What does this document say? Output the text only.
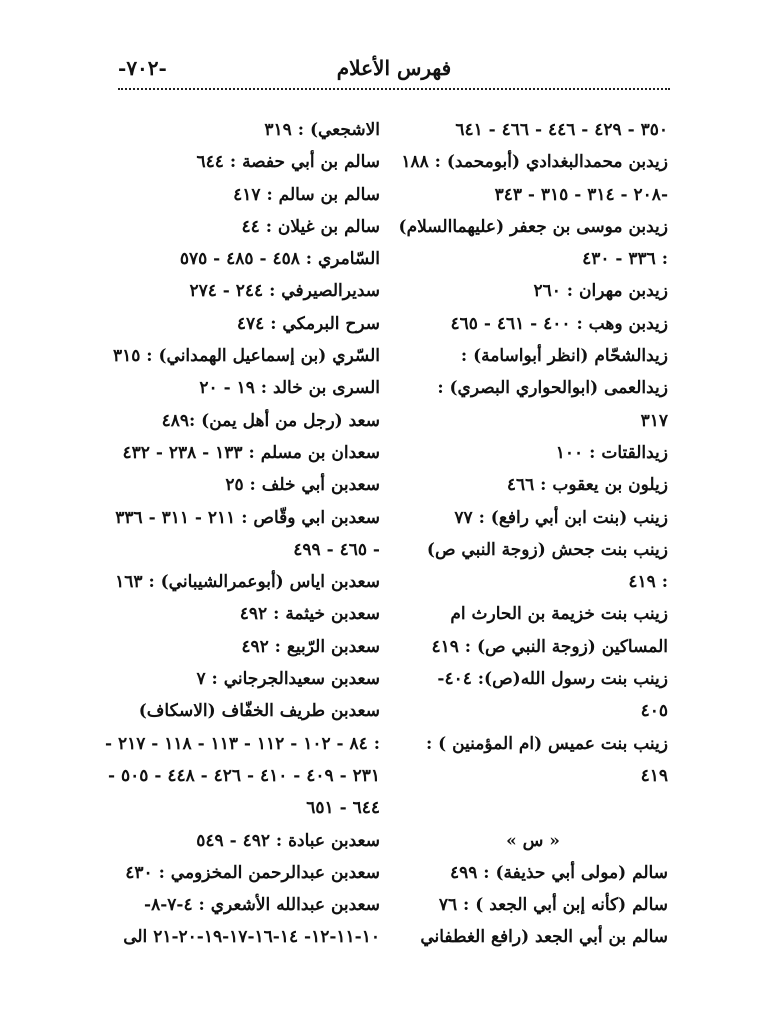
-٧٠٢-	فهرس الأعلام
٣٥٠ - ٤٢٩ - ٤٤٦ - ٤٦٦ - ٦٤١
زيدبن محمدالبغدادي (أبومحمد) : ١٨٨
-٢٠٨ - ٣١٤ - ٣١٥ - ٣٤٣
زيدبن موسى بن جعفر (عليهماالسلام)
: ٣٣٦ - ٤٣٠
زيدبن مهران : ٢٦٠
زيدبن وهب : ٤٠٠ - ٤٦١ - ٤٦٥
زيدالشحّام (انظر أبواسامة) :
زيدالعمى (ابوالحواري البصري) :
٣١٧
زيدالقتات : ١٠٠
زيلون بن يعقوب : ٤٦٦
زينب (بنت ابن أبي رافع) : ٧٧
زينب بنت جحش (زوجة النبي ص)
: ٤١٩
زينب بنت خزيمة بن الحارث ام
المساكين (زوجة النبي ص) : ٤١٩
زينب بنت رسول الله(ص): ٤٠٤-
٤٠٥
زينب بنت عميس (ام المؤمنين ) :
٤١٩
« س »
سالم (مولى أبي حذيفة) : ٤٩٩
سالم (كأنه إبن أبي الجعد ) : ٧٦
سالم بن أبي الجعد (رافع الغطفاني
الاشجعي) : ٣١٩
سالم بن أبي حفصة : ٦٤٤
سالم بن سالم : ٤١٧
سالم بن غيلان : ٤٤
السّامري : ٤٥٨ - ٤٨٥ - ٥٧٥
سديرالصيرفي : ٢٤٤ - ٢٧٤
سرح البرمكي : ٤٧٤
السّري (بن إسماعيل الهمداني) : ٣١٥
السرى بن خالد : ١٩ - ٢٠
سعد (رجل من أهل يمن) :٤٨٩
سعدان بن مسلم : ١٣٣ - ٢٣٨ - ٤٣٢
سعدبن أبي خلف : ٢٥
سعدبن ابي وقّاص : ٢١١ - ٣١١ - ٣٣٦
- ٤٦٥ - ٤٩٩
سعدبن اياس (أبوعمرالشيباني) : ١٦٣
سعدبن خيثمة : ٤٩٢
سعدبن الرّبيع : ٤٩٢
سعدبن سعيدالجرجاني : ٧
سعدبن طريف الخفّاف (الاسكاف)
: ٨٤ - ١٠٢ - ١١٢ - ١١٣ - ١١٨ - ٢١٧ -
٢٣١ - ٤٠٩ - ٤١٠ - ٤٢٦ - ٤٤٨ - ٥٠٥ -
٦٤٤ - ٦٥١
سعدبن عبادة : ٤٩٢ - ٥٤٩
سعدبن عبدالرحمن المخزومي : ٤٣٠
سعدبن عبدالله الأشعري : ٤-٧-٨-
١٠-١١-١٢- ١٤-١٦-١٧-١٩-٢٠-٢١ الى
